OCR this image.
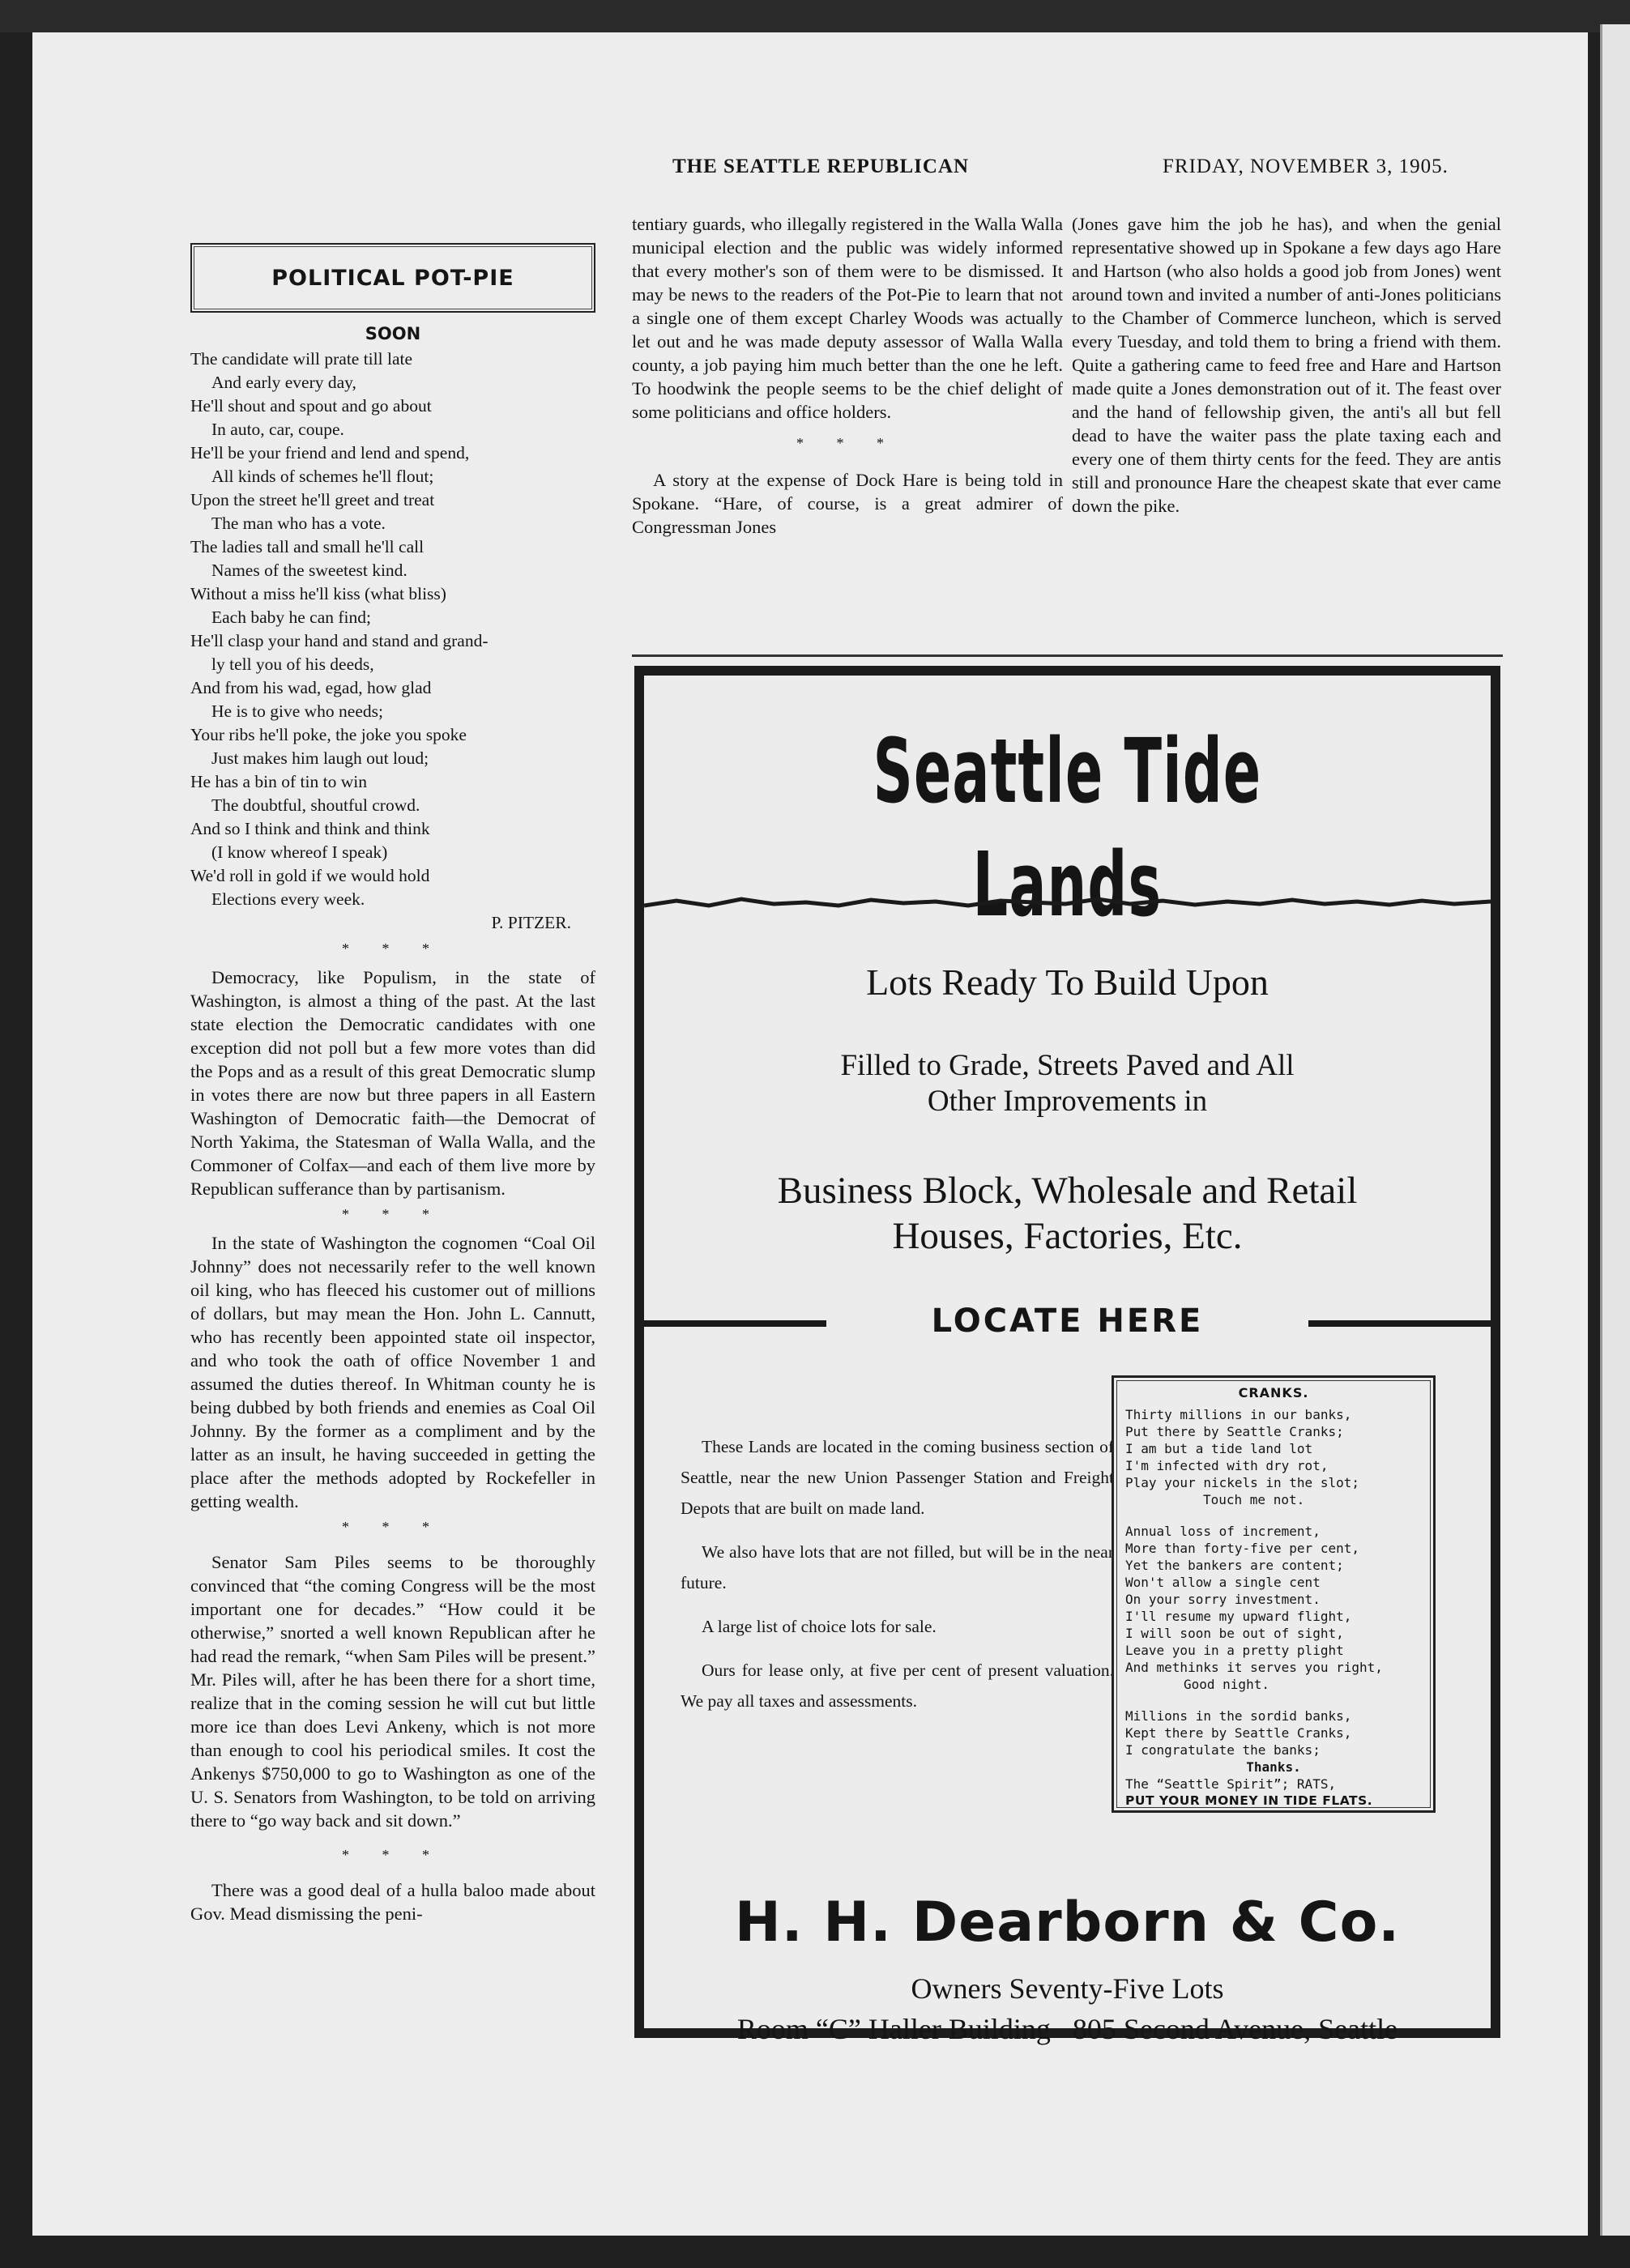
THE SEATTLE REPUBLICAN	FRIDAY, NOVEMBER 3, 1905.
POLITICAL POT-PIE
SOON
The candidate will prate till late
And early every day,
He'll shout and spout and go about
In auto, car, coupe.
He'll be your friend and lend and spend,
All kinds of schemes he'll flout;
Upon the street he'll greet and treat
The man who has a vote.
The ladies tall and small he'll call
Names of the sweetest kind.
Without a miss he'll kiss (what bliss)
Each baby he can find;
He'll clasp your hand and stand and grand-
ly tell you of his deeds,
And from his wad, egad, how glad
He is to give who needs;
Your ribs he'll poke, the joke you spoke
Just makes him laugh out loud;
He has a bin of tin to win
The doubtful, shoutful crowd.
And so I think and think and think
(I know whereof I speak)
We'd roll in gold if we would hold
Elections every week.
P. PITZER.
* * *

Democracy, like Populism, in the state of Washington, is almost a thing of the past. At the last state election the Democratic candidates with one exception did not poll but a few more votes than did the Pops and as a result of this great Democratic slump in votes there are now but three papers in all Eastern Washington of Democratic faith—the Democrat of North Yakima, the Statesman of Walla Walla, and the Commoner of Colfax—and each of them live more by Republican sufferance than by partisanism.

* * *

In the state of Washington the cognomen “Coal Oil Johnny” does not necessarily refer to the well known oil king, who has fleeced his customer out of millions of dollars, but may mean the Hon. John L. Cannutt, who has recently been appointed state oil inspector, and who took the oath of office November 1 and assumed the duties thereof. In Whitman county he is being dubbed by both friends and enemies as Coal Oil Johnny. By the former as a compliment and by the latter as an insult, he having succeeded in getting the place after the methods adopted by Rockefeller in getting wealth.

* * *

Senator Sam Piles seems to be thoroughly convinced that “the coming Congress will be the most important one for decades.” “How could it be otherwise,” snorted a well known Republican after he had read the remark, “when Sam Piles will be present.” Mr. Piles will, after he has been there for a short time, realize that in the coming session he will cut but little more ice than does Levi Ankeny, which is not more than enough to cool his periodical smiles. It cost the Ankenys $750,000 to go to Washington as one of the U. S. Senators from Washington, to be told on arriving there to “go way back and sit down.”

* * *

There was a good deal of a hulla baloo made about Gov. Mead dismissing the peni-

tentiary guards, who illegally registered in the Walla Walla municipal election and the public was widely informed that every mother's son of them were to be dismissed. It may be news to the readers of the Pot-Pie to learn that not a single one of them except Charley Woods was actually let out and he was made deputy assessor of Walla Walla county, a job paying him much better than the one he left. To hoodwink the people seems to be the chief delight of some politicians and office holders.

* * *

A story at the expense of Dock Hare is being told in Spokane. “Hare, of course, is a great admirer of Congressman Jones

(Jones gave him the job he has), and when the genial representative showed up in Spokane a few days ago Hare and Hartson (who also holds a good job from Jones) went around town and invited a number of anti-Jones politicians to the Chamber of Commerce luncheon, which is served every Tuesday, and told them to bring a friend with them. Quite a gathering came to feed free and Hare and Hartson made quite a Jones demonstration out of it. The feast over and the hand of fellowship given, the anti's all but fell dead to have the waiter pass the plate taxing each and every one of them thirty cents for the feed. They are antis still and pronounce Hare the cheapest skate that ever came down the pike.

Seattle Tide Lands
Lots Ready To Build Upon
Filled to Grade, Streets Paved and All
Other Improvements in
Business Block, Wholesale and Retail
Houses, Factories, Etc.
LOCATE HERE

These Lands are located in the coming business section of Seattle, near the new Union Passenger Station and Freight Depots that are built on made land.

We also have lots that are not filled, but will be in the near future.

A large list of choice lots for sale.

Ours for lease only, at five per cent of present valuation. We pay all taxes and assessments.

CRANKS.
Thirty millions in our banks,
Put there by Seattle Cranks;
I am but a tide land lot
I'm infected with dry rot,
Play your nickels in the slot;
Touch me not.
Annual loss of increment,
More than forty-five per cent,
Yet the bankers are content;
Won't allow a single cent
On your sorry investment.
I'll resume my upward flight,
I will soon be out of sight,
Leave you in a pretty plight
And methinks it serves you right,
Good night.
Millions in the sordid banks,
Kept there by Seattle Cranks,
I congratulate the banks;
Thanks.
The “Seattle Spirit”; RATS,
PUT YOUR MONEY IN TIDE FLATS.
H. H. Dearborn & Co.
Owners Seventy-Five Lots
Room “C” Haller Building   805 Second Avenue, Seattle
